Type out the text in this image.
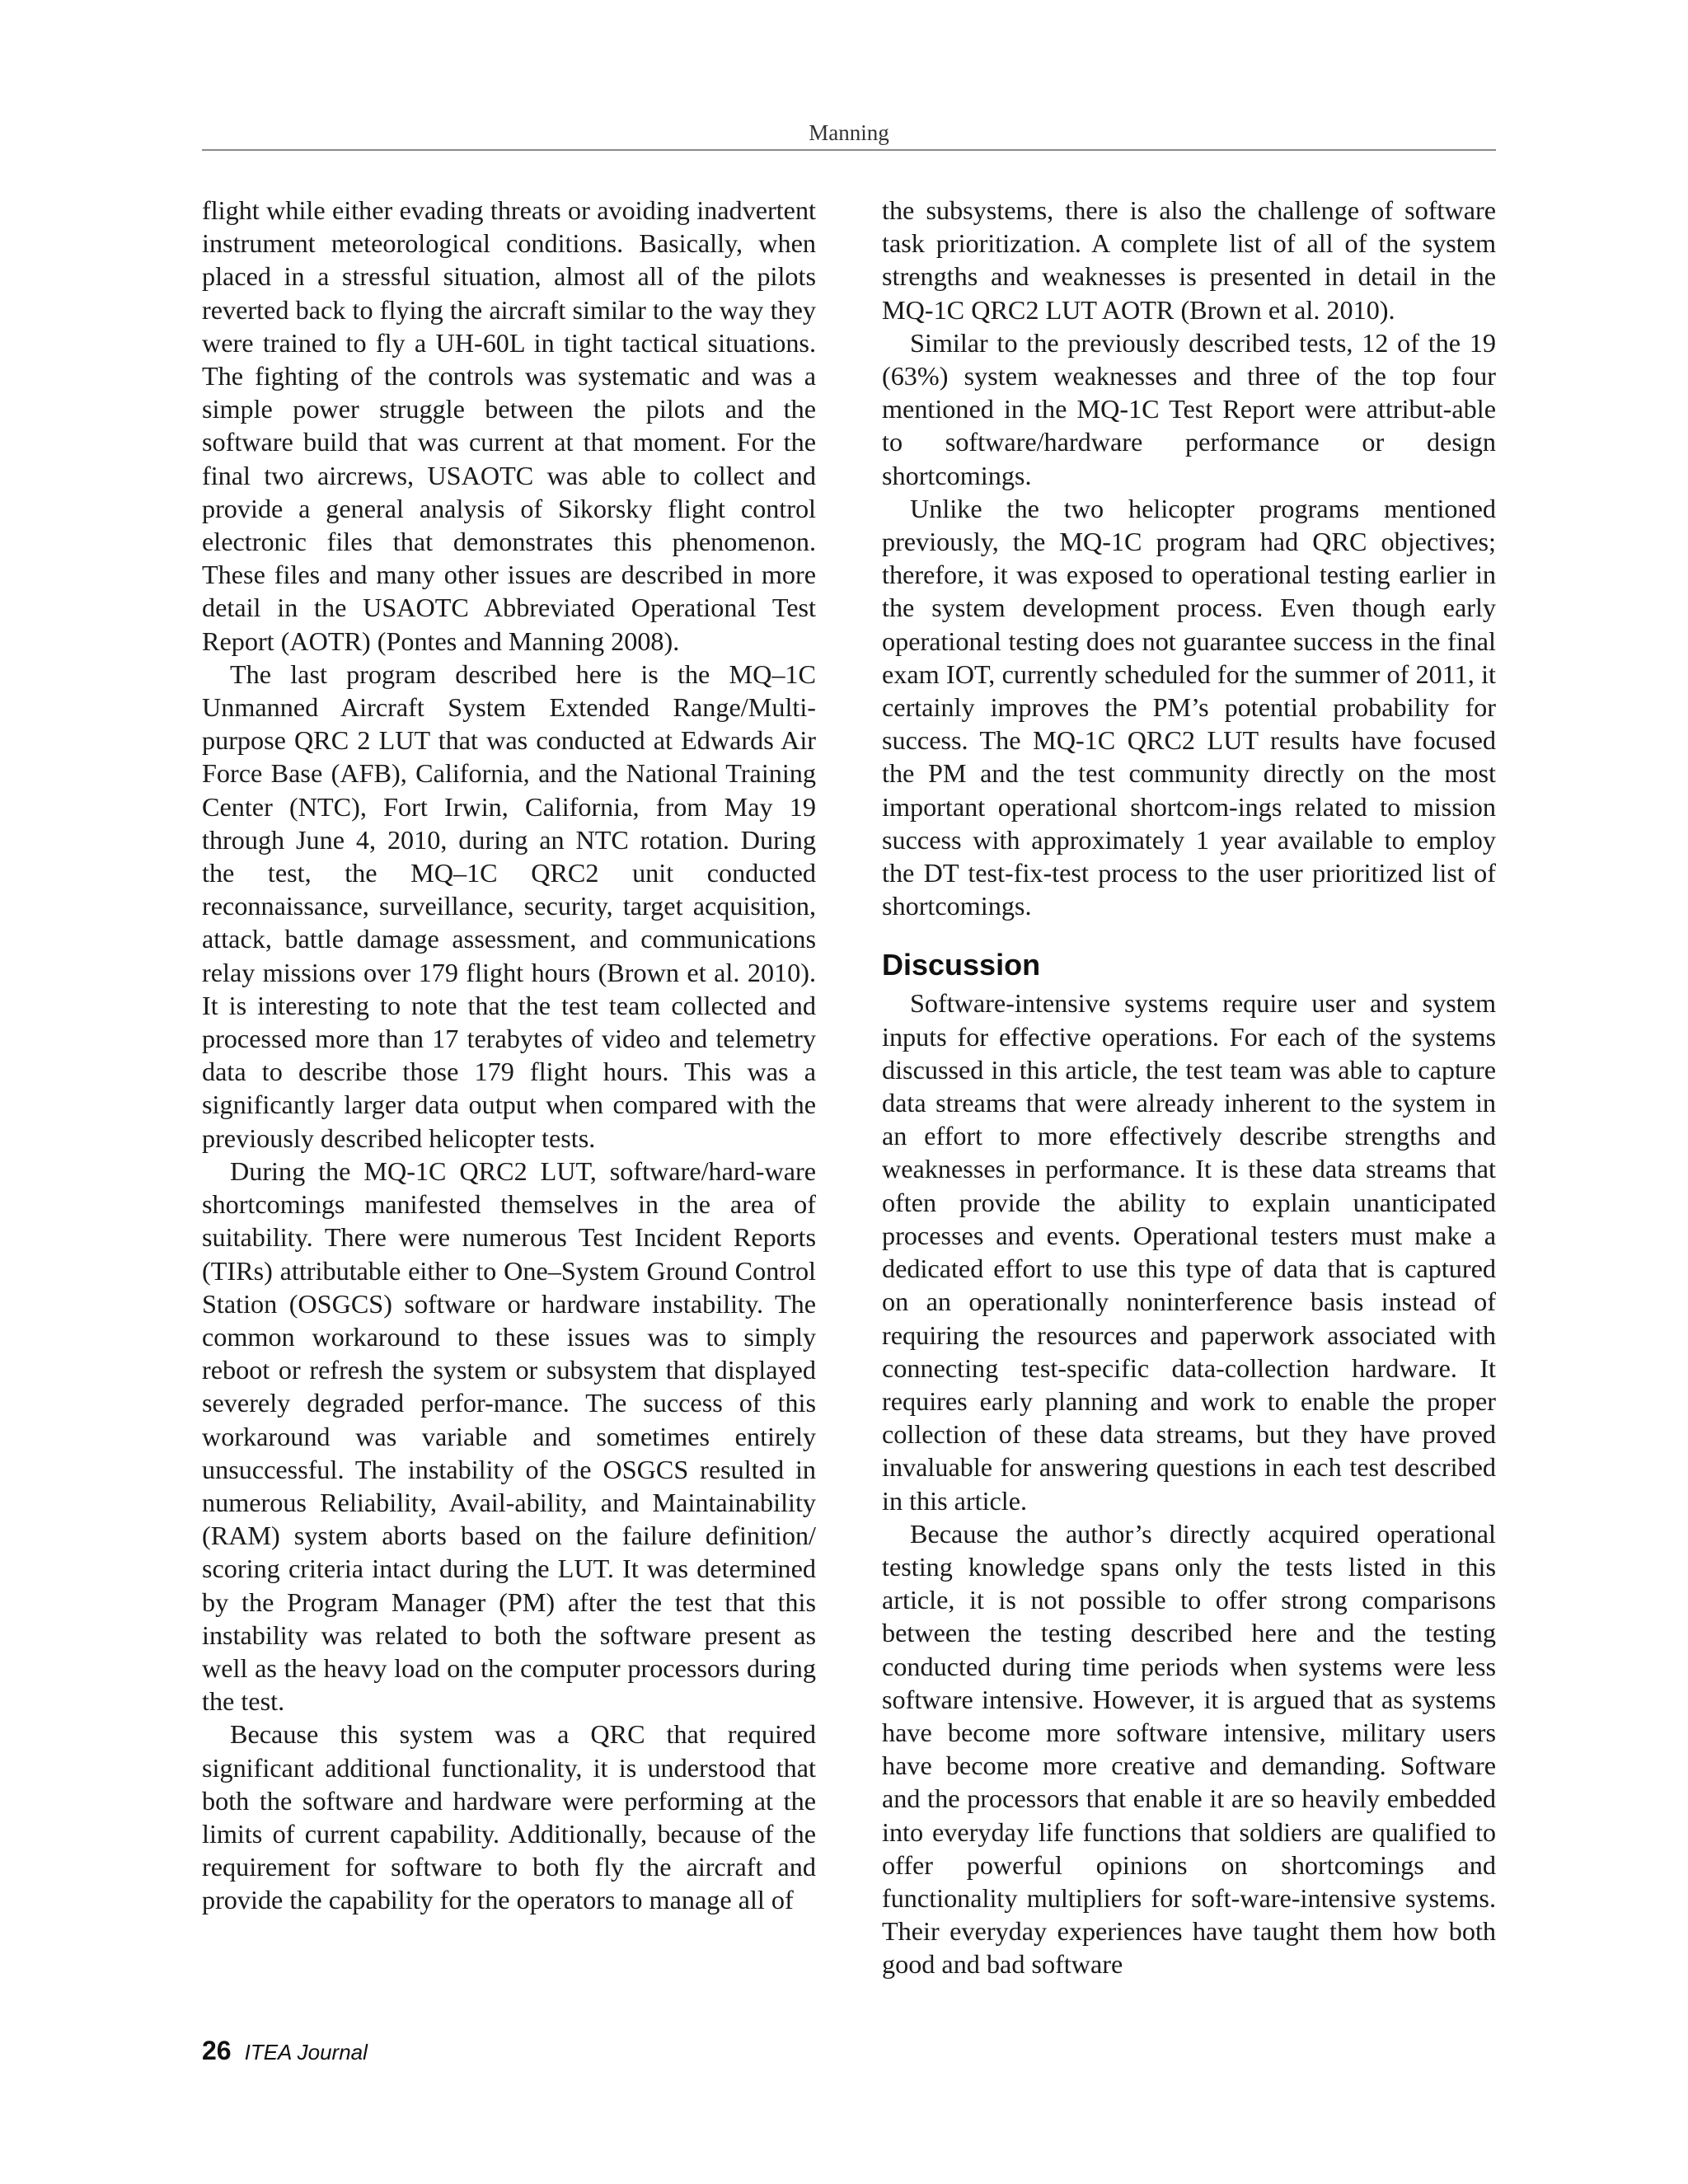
Manning

flight while either evading threats or avoiding inadvertent instrument meteorological conditions. Basically, when placed in a stressful situation, almost all of the pilots reverted back to flying the aircraft similar to the way they were trained to fly a UH-60L in tight tactical situations. The fighting of the controls was systematic and was a simple power struggle between the pilots and the software build that was current at that moment. For the final two aircrews, USAOTC was able to collect and provide a general analysis of Sikorsky flight control electronic files that demonstrates this phenomenon. These files and many other issues are described in more detail in the USAOTC Abbreviated Operational Test Report (AOTR) (Pontes and Manning 2008).

The last program described here is the MQ–1C Unmanned Aircraft System Extended Range/Multi-purpose QRC 2 LUT that was conducted at Edwards Air Force Base (AFB), California, and the National Training Center (NTC), Fort Irwin, California, from May 19 through June 4, 2010, during an NTC rotation. During the test, the MQ–1C QRC2 unit conducted reconnaissance, surveillance, security, target acquisition, attack, battle damage assessment, and communications relay missions over 179 flight hours (Brown et al. 2010). It is interesting to note that the test team collected and processed more than 17 terabytes of video and telemetry data to describe those 179 flight hours. This was a significantly larger data output when compared with the previously described helicopter tests.

During the MQ-1C QRC2 LUT, software/hard-ware shortcomings manifested themselves in the area of suitability. There were numerous Test Incident Reports (TIRs) attributable either to One–System Ground Control Station (OSGCS) software or hardware instability. The common workaround to these issues was to simply reboot or refresh the system or subsystem that displayed severely degraded perfor-mance. The success of this workaround was variable and sometimes entirely unsuccessful. The instability of the OSGCS resulted in numerous Reliability, Avail-ability, and Maintainability (RAM) system aborts based on the failure definition/ scoring criteria intact during the LUT. It was determined by the Program Manager (PM) after the test that this instability was related to both the software present as well as the heavy load on the computer processors during the test.

Because this system was a QRC that required significant additional functionality, it is understood that both the software and hardware were performing at the limits of current capability. Additionally, because of the requirement for software to both fly the aircraft and provide the capability for the operators to manage all of

the subsystems, there is also the challenge of software task prioritization. A complete list of all of the system strengths and weaknesses is presented in detail in the MQ-1C QRC2 LUT AOTR (Brown et al. 2010).

Similar to the previously described tests, 12 of the 19 (63%) system weaknesses and three of the top four mentioned in the MQ-1C Test Report were attribut-able to software/hardware performance or design shortcomings.

Unlike the two helicopter programs mentioned previously, the MQ-1C program had QRC objectives; therefore, it was exposed to operational testing earlier in the system development process. Even though early operational testing does not guarantee success in the final exam IOT, currently scheduled for the summer of 2011, it certainly improves the PM’s potential probability for success. The MQ-1C QRC2 LUT results have focused the PM and the test community directly on the most important operational shortcom-ings related to mission success with approximately 1 year available to employ the DT test-fix-test process to the user prioritized list of shortcomings.

Discussion

Software-intensive systems require user and system inputs for effective operations. For each of the systems discussed in this article, the test team was able to capture data streams that were already inherent to the system in an effort to more effectively describe strengths and weaknesses in performance. It is these data streams that often provide the ability to explain unanticipated processes and events. Operational testers must make a dedicated effort to use this type of data that is captured on an operationally noninterference basis instead of requiring the resources and paperwork associated with connecting test-specific data-collection hardware. It requires early planning and work to enable the proper collection of these data streams, but they have proved invaluable for answering questions in each test described in this article.

Because the author’s directly acquired operational testing knowledge spans only the tests listed in this article, it is not possible to offer strong comparisons between the testing described here and the testing conducted during time periods when systems were less software intensive. However, it is argued that as systems have become more software intensive, military users have become more creative and demanding. Software and the processors that enable it are so heavily embedded into everyday life functions that soldiers are qualified to offer powerful opinions on shortcomings and functionality multipliers for soft-ware-intensive systems. Their everyday experiences have taught them how both good and bad software

26 ITEA Journal
